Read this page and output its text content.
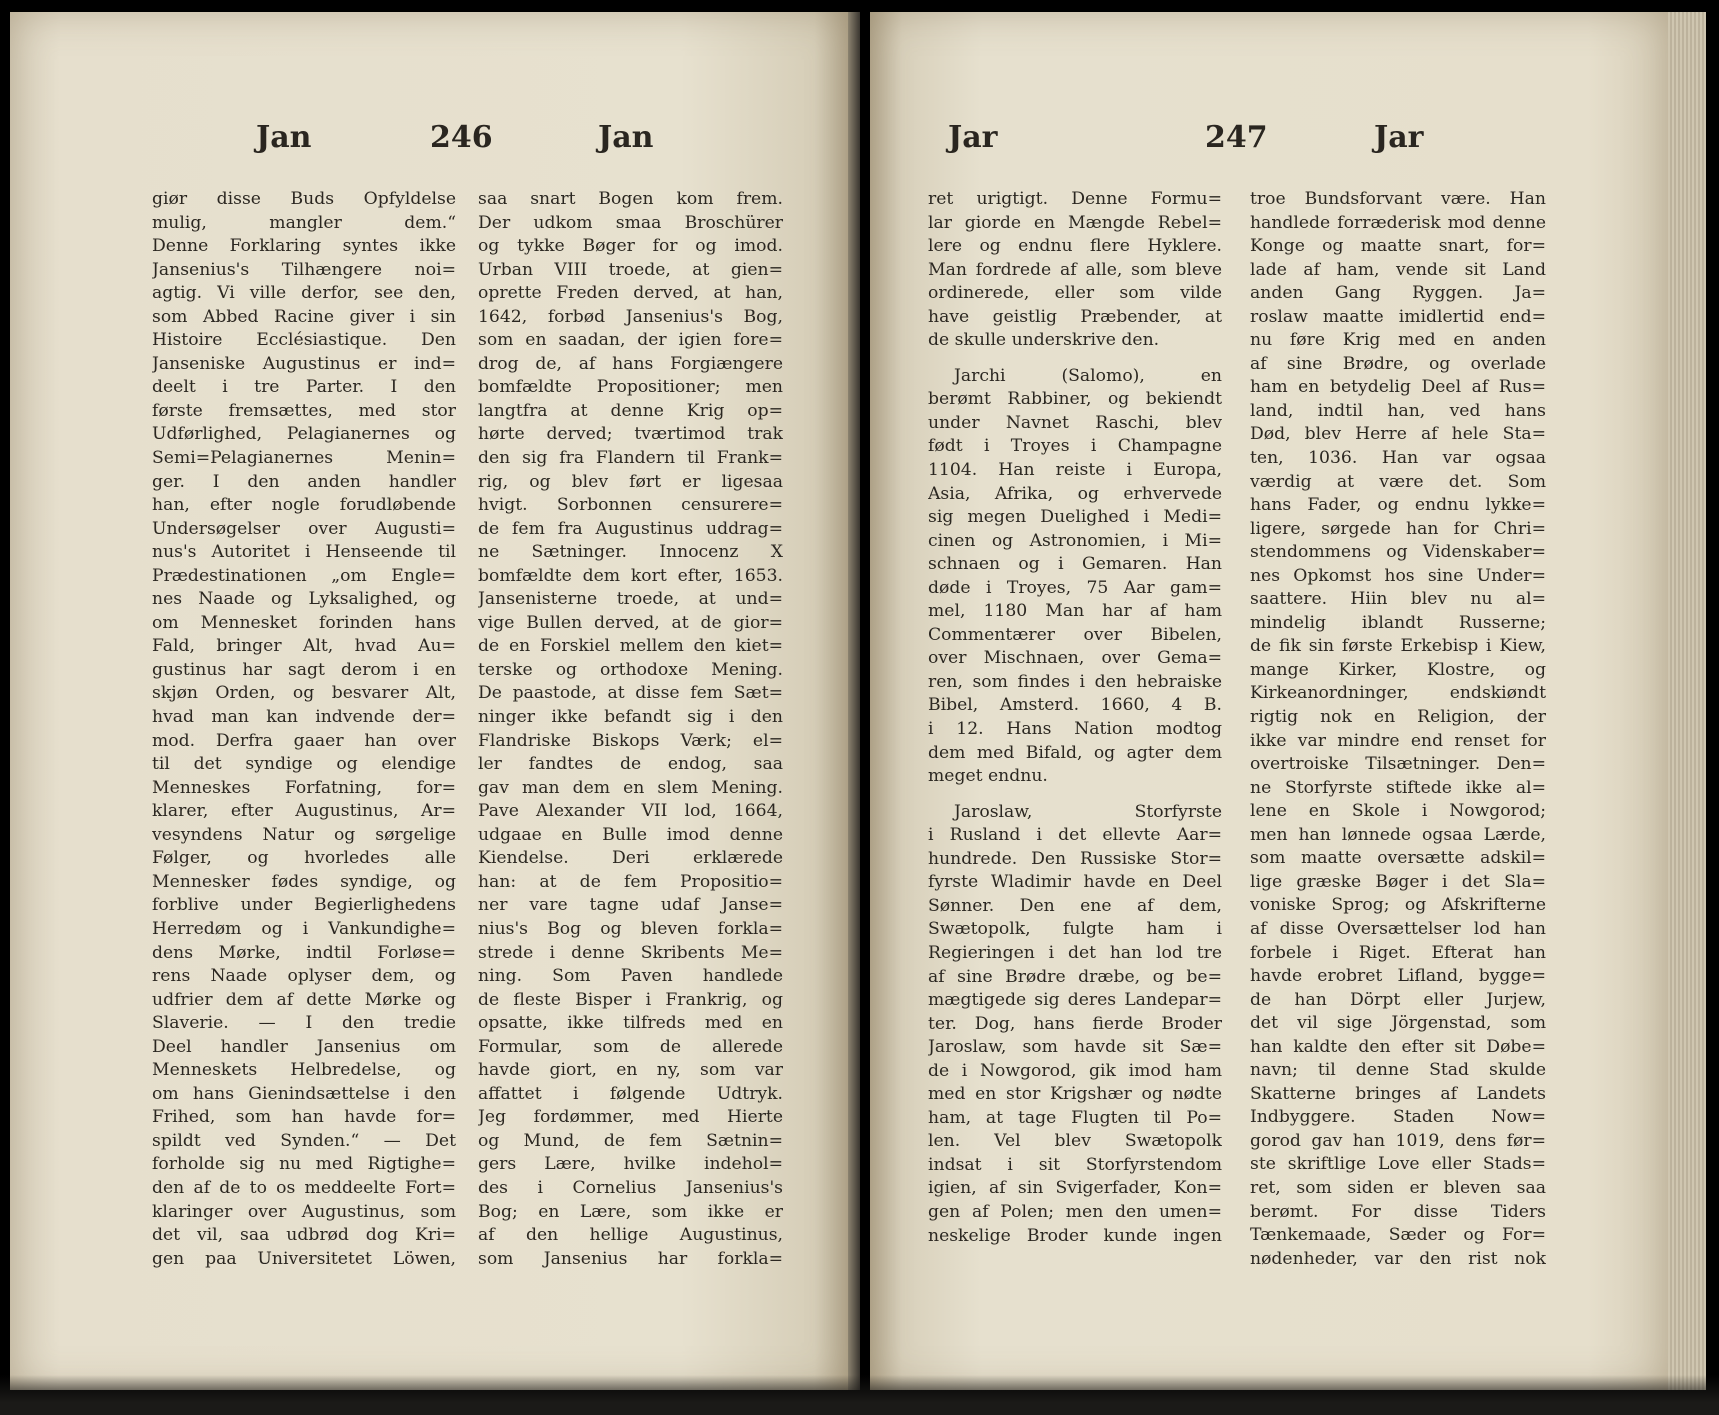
Jan	246	Jan
giør disse Buds Opfyldelse
mulig, mangler dem.“
Denne Forklaring syntes ikke
Jansenius's Tilhængere noi=
agtig. Vi ville derfor, see den,
som Abbed Racine giver i sin
Histoire Ecclésiastique. Den
Janseniske Augustinus er ind=
deelt i tre Parter. I den
første fremsættes, med stor
Udførlighed, Pelagianernes og
Semi=Pelagianernes Menin=
ger. I den anden handler
han, efter nogle forudløbende
Undersøgelser over Augusti=
nus's Autoritet i Henseende til
Prædestinationen „om Engle=
nes Naade og Lyksalighed, og
om Mennesket forinden hans
Fald, bringer Alt, hvad Au=
gustinus har sagt derom i en
skjøn Orden, og besvarer Alt,
hvad man kan indvende der=
mod. Derfra gaaer han over
til det syndige og elendige
Menneskes Forfatning, for=
klarer, efter Augustinus, Ar=
vesyndens Natur og sørgelige
Følger, og hvorledes alle
Mennesker fødes syndige, og
forblive under Begierlighedens
Herredøm og i Vankundighe=
dens Mørke, indtil Forløse=
rens Naade oplyser dem, og
udfrier dem af dette Mørke og
Slaverie. — I den tredie
Deel handler Jansenius om
Menneskets Helbredelse, og
om hans Gienindsættelse i den
Frihed, som han havde for=
spildt ved Synden.“ — Det
forholde sig nu med Rigtighe=
den af de to os meddeelte Fort=
klaringer over Augustinus, som
det vil, saa udbrød dog Kri=
gen paa Universitetet Löwen,
saa snart Bogen kom frem.
Der udkom smaa Broschürer
og tykke Bøger for og imod.
Urban VIII troede, at gien=
oprette Freden derved, at han,
1642, forbød Jansenius's Bog,
som en saadan, der igien fore=
drog de, af hans Forgiængere
bomfældte Propositioner; men
langtfra at denne Krig op=
hørte derved; tværtimod trak
den sig fra Flandern til Frank=
rig, og blev ført er ligesaa
hvigt. Sorbonnen censurere=
de fem fra Augustinus uddrag=
ne Sætninger. Innocenz X
bomfældte dem kort efter, 1653.
Jansenisterne troede, at und=
vige Bullen derved, at de gior=
de en Forskiel mellem den kiet=
terske og orthodoxe Mening.
De paastode, at disse fem Sæt=
ninger ikke befandt sig i den
Flandriske Biskops Værk; el=
ler fandtes de endog, saa
gav man dem en slem Mening.
Pave Alexander VII lod, 1664,
udgaae en Bulle imod denne
Kiendelse. Deri erklærede
han: at de fem Propositio=
ner vare tagne udaf Janse=
nius's Bog og bleven forkla=
strede i denne Skribents Me=
ning. Som Paven handlede
de fleste Bisper i Frankrig, og
opsatte, ikke tilfreds med en
Formular, som de allerede
havde giort, en ny, som var
affattet i følgende Udtryk.
Jeg fordømmer, med Hierte
og Mund, de fem Sætnin=
gers Lære, hvilke indehol=
des i Cornelius Jansenius's
Bog; en Lære, som ikke er
af den hellige Augustinus,
som Jansenius har forkla=
Jar	247	Jar
ret urigtigt. Denne Formu=
lar giorde en Mængde Rebel=
lere og endnu flere Hyklere.
Man fordrede af alle, som bleve
ordinerede, eller som vilde
have geistlig Præbender, at
de skulle underskrive den.
Jarchi (Salomo), en
berømt Rabbiner, og bekiendt
under Navnet Raschi, blev
født i Troyes i Champagne
1104. Han reiste i Europa,
Asia, Afrika, og erhvervede
sig megen Duelighed i Medi=
cinen og Astronomien, i Mi=
schnaen og i Gemaren. Han
døde i Troyes, 75 Aar gam=
mel, 1180 Man har af ham
Commentærer over Bibelen,
over Mischnaen, over Gema=
ren, som findes i den hebraiske
Bibel, Amsterd. 1660, 4 B.
i 12. Hans Nation modtog
dem med Bifald, og agter dem
meget endnu.
Jaroslaw, Storfyrste
i Rusland i det ellevte Aar=
hundrede. Den Russiske Stor=
fyrste Wladimir havde en Deel
Sønner. Den ene af dem,
Swætopolk, fulgte ham i
Regieringen i det han lod tre
af sine Brødre dræbe, og be=
mægtigede sig deres Landepar=
ter. Dog, hans fierde Broder
Jaroslaw, som havde sit Sæ=
de i Nowgorod, gik imod ham
med en stor Krigshær og nødte
ham, at tage Flugten til Po=
len. Vel blev Swætopolk
indsat i sit Storfyrstendom
igien, af sin Svigerfader, Kon=
gen af Polen; men den umen=
neskelige Broder kunde ingen
troe Bundsforvant være. Han
handlede forræderisk mod denne
Konge og maatte snart, for=
lade af ham, vende sit Land
anden Gang Ryggen. Ja=
roslaw maatte imidlertid end=
nu føre Krig med en anden
af sine Brødre, og overlade
ham en betydelig Deel af Rus=
land, indtil han, ved hans
Død, blev Herre af hele Sta=
ten, 1036. Han var ogsaa
værdig at være det. Som
hans Fader, og endnu lykke=
ligere, sørgede han for Chri=
stendommens og Videnskaber=
nes Opkomst hos sine Under=
saattere. Hiin blev nu al=
mindelig iblandt Russerne;
de fik sin første Erkebisp i Kiew,
mange Kirker, Klostre, og
Kirkeanordninger, endskiøndt
rigtig nok en Religion, der
ikke var mindre end renset for
overtroiske Tilsætninger. Den=
ne Storfyrste stiftede ikke al=
lene en Skole i Nowgorod;
men han lønnede ogsaa Lærde,
som maatte oversætte adskil=
lige græske Bøger i det Sla=
voniske Sprog; og Afskrifterne
af disse Oversættelser lod han
forbele i Riget. Efterat han
havde erobret Lifland, bygge=
de han Dörpt eller Jurjew,
det vil sige Jörgenstad, som
han kaldte den efter sit Døbe=
navn; til denne Stad skulde
Skatterne bringes af Landets
Indbyggere. Staden Now=
gorod gav han 1019, dens før=
ste skriftlige Love eller Stads=
ret, som siden er bleven saa
berømt. For disse Tiders
Tænkemaade, Sæder og For=
nødenheder, var den rist nok
